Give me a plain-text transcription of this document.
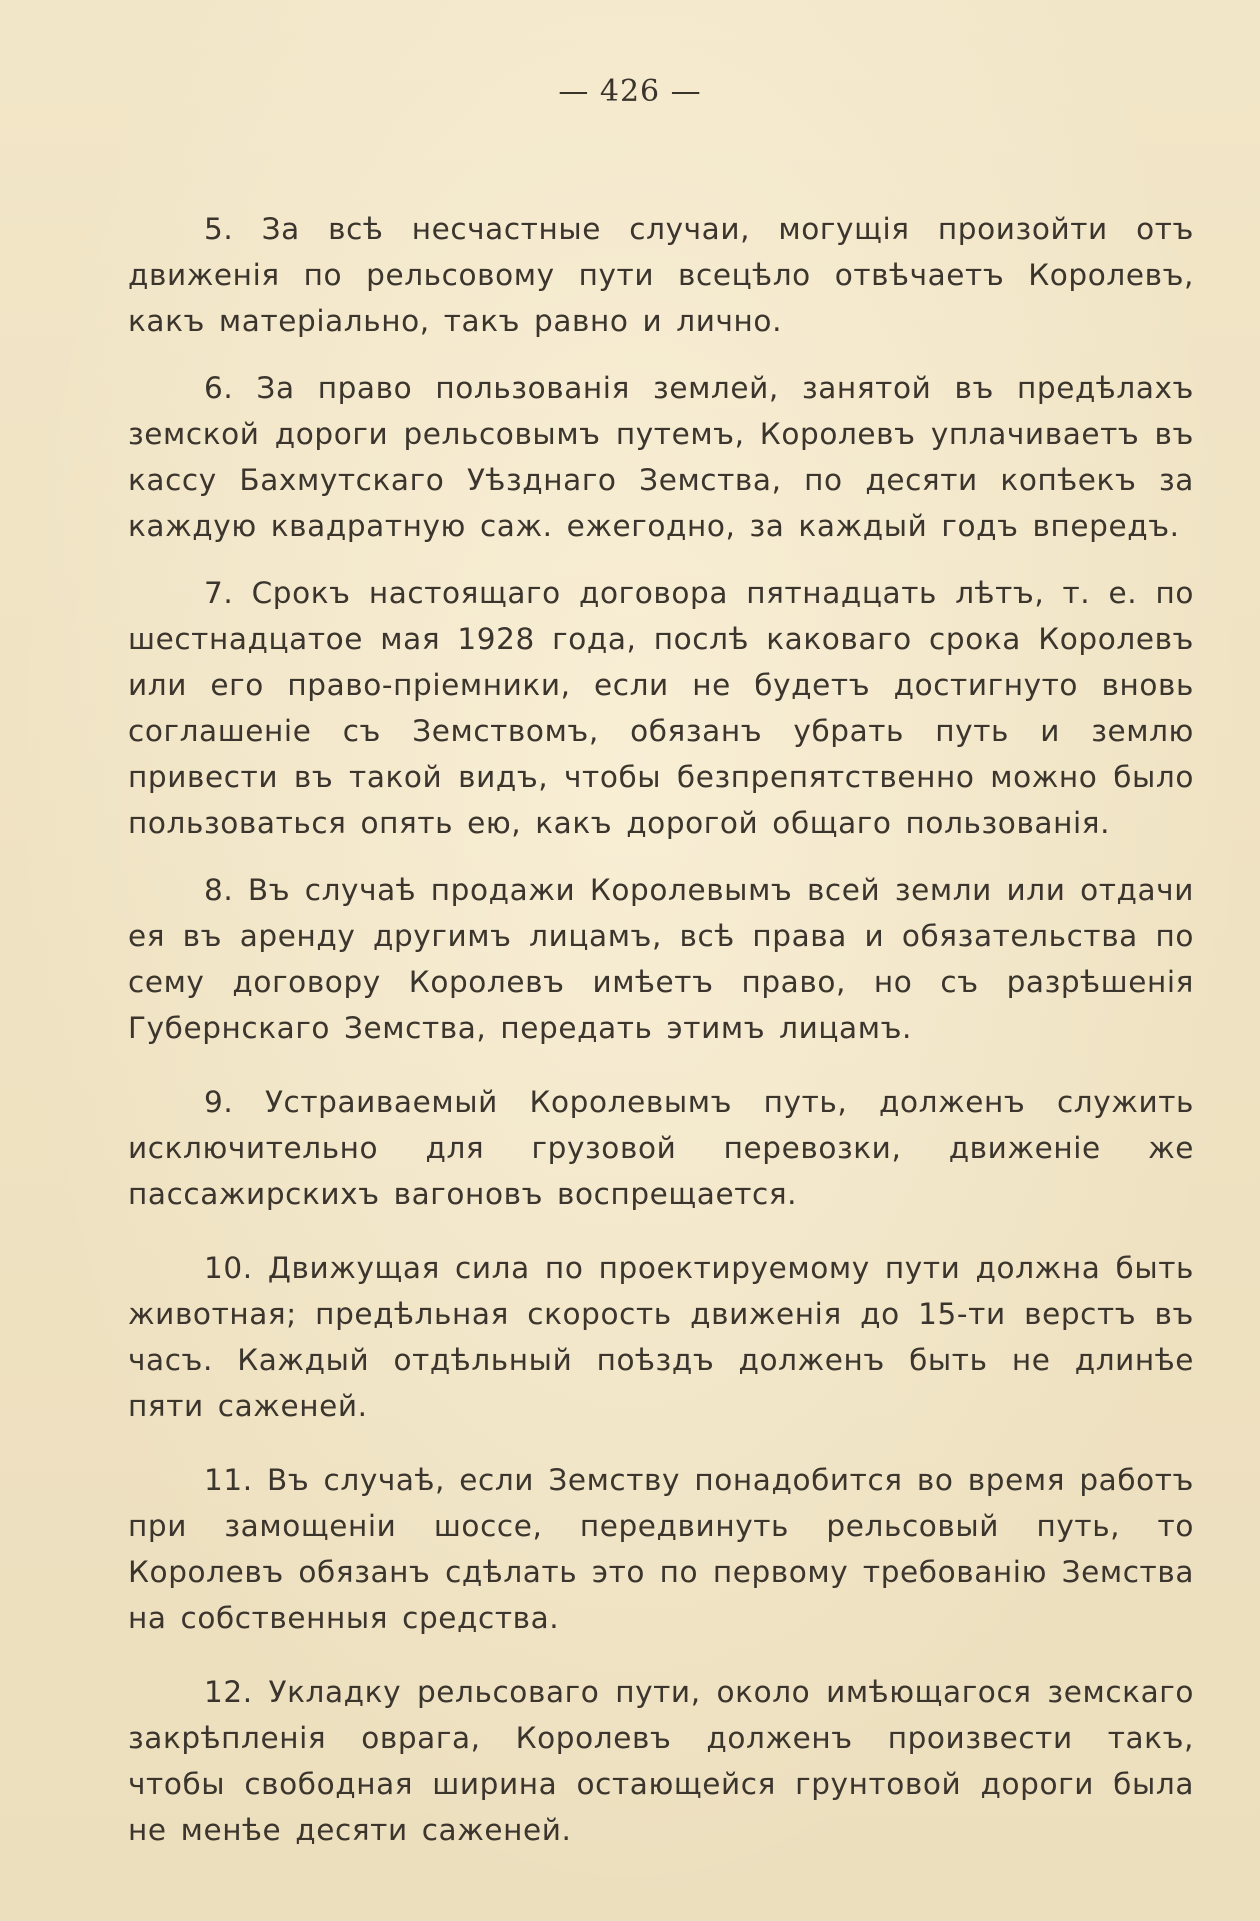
— 426 —

5. За всѣ несчастные случаи, могущія произойти отъ движенія по рельсовому пути всецѣло отвѣчаетъ Королевъ, какъ матеріально, такъ равно и лично.

6. За право пользованія землей, занятой въ предѣлахъ земской дороги рельсовымъ путемъ, Королевъ уплачиваетъ въ кассу Бахмутскаго Уѣзднаго Земства, по десяти копѣекъ за каждую квадратную саж. ежегодно, за каждый годъ впередъ.

7. Срокъ настоящаго договора пятнадцать лѣтъ, т. е. по шестнадцатое мая 1928 года, послѣ каковаго срока Королевъ или его право-пріемники, если не будетъ достигнуто вновь соглашеніе съ Земствомъ, обязанъ убрать путь и землю привести въ такой видъ, чтобы безпрепятственно можно было пользоваться опять ею, какъ дорогой общаго пользованія.

8. Въ случаѣ продажи Королевымъ всей земли или отдачи ея въ аренду другимъ лицамъ, всѣ права и обязательства по сему договору Королевъ имѣетъ право, но съ разрѣшенія Губернскаго Земства, передать этимъ лицамъ.

9. Устраиваемый Королевымъ путь, долженъ служить исключительно для грузовой перевозки, движеніе же пассажирскихъ вагоновъ воспрещается.

10. Движущая сила по проектируемому пути должна быть животная; предѣльная скорость движенія до 15-ти верстъ въ часъ. Каждый отдѣльный поѣздъ долженъ быть не длинѣе пяти саженей.

11. Въ случаѣ, если Земству понадобится во время работъ при замощеніи шоссе, передвинуть рельсовый путь, то Королевъ обязанъ сдѣлать это по первому требованію Земства на собственныя средства.

12. Укладку рельсоваго пути, около имѣющагося земскаго закрѣпленія оврага, Королевъ долженъ произвести такъ, чтобы свободная ширина остающейся грунтовой дороги была не менѣе десяти саженей.
